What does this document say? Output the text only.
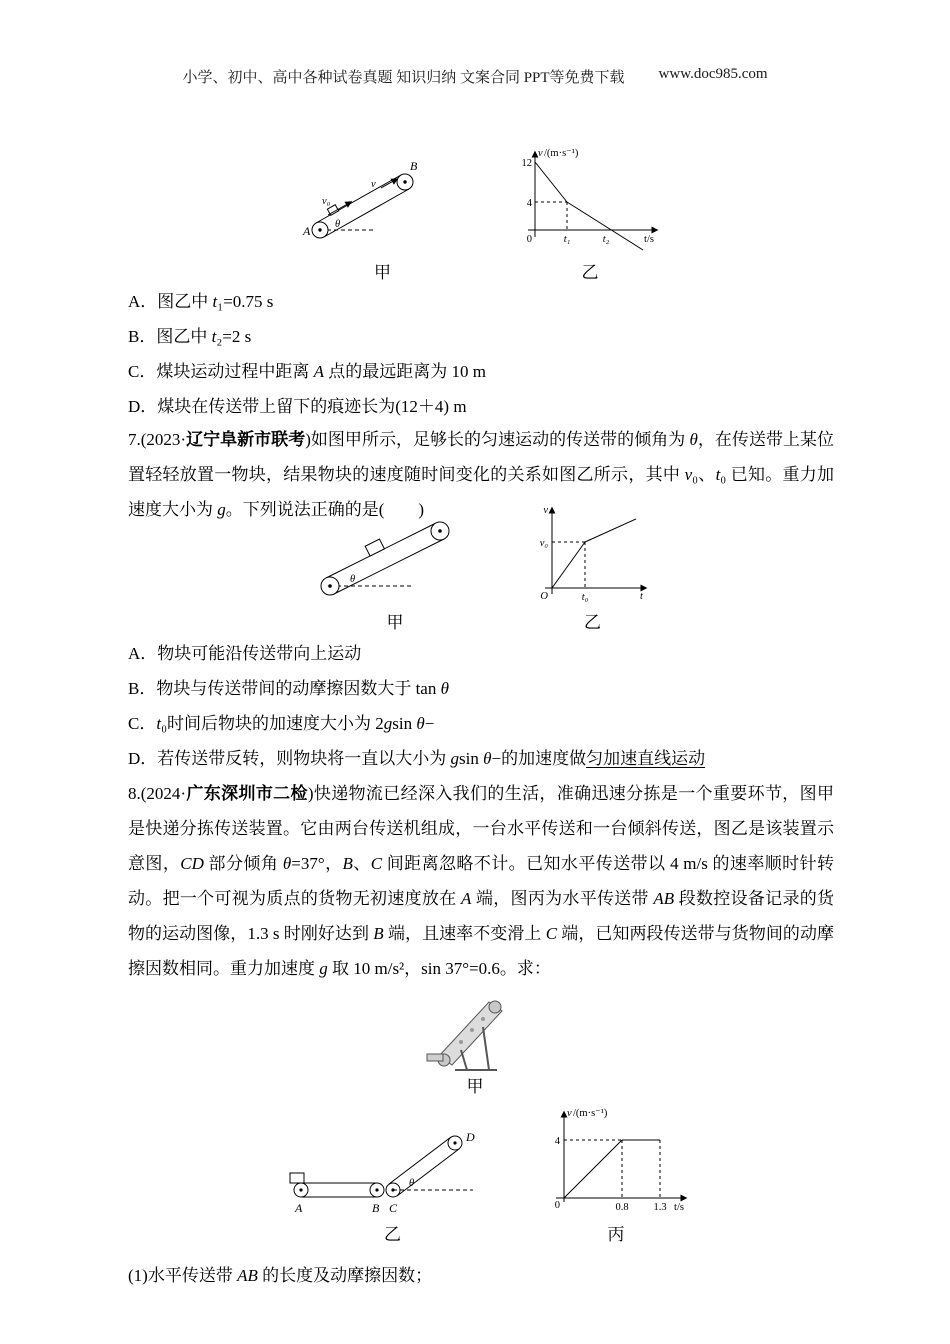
小学、初中、高中各种试卷真题 知识归纳 文案合同 PPT等免费下载 www.doc985.com
A
B
v₀
v
θ
甲
v /(m·s⁻¹)
12
4
0	t₁	t₂	t/s
乙
A．图乙中 t₁=0.75 s
B．图乙中 t₂=2 s
C．煤块运动过程中距离 A 点的最远距离为 10 m
D．煤块在传送带上留下的痕迹长为(12＋4) m
7.(2023·辽宁阜新市联考)如图甲所示，足够长的匀速运动的传送带的倾角为 θ，在传送带上某位置轻轻放置一物块，结果物块的速度随时间变化的关系如图乙所示，其中 v₀、t₀ 已知。重力加速度大小为 g。下列说法正确的是(　　)
θ
甲
v
v₀
O	t₀	t
乙
A．物块可能沿传送带向上运动
B．物块与传送带间的动摩擦因数大于 tan θ
C．t₀时间后物块的加速度大小为 2gsin θ−
D．若传送带反转，则物块将一直以大小为 gsin θ−的加速度做匀加速直线运动
8.(2024·广东深圳市二检)快递物流已经深入我们的生活，准确迅速分拣是一个重要环节，图甲是快递分拣传送装置。它由两台传送机组成，一台水平传送和一台倾斜传送，图乙是该装置示意图，CD 部分倾角 θ=37°，B、C 间距离忽略不计。已知水平传送带以 4 m/s 的速率顺时针转动。把一个可视为质点的货物无初速度放在 A 端，图丙为水平传送带 AB 段数控设备记录的货物的运动图像，1.3 s 时刚好达到 B 端，且速率不变滑上 C 端，已知两段传送带与货物间的动摩擦因数相同。重力加速度 g 取 10 m/s²，sin 37°=0.6。求：
甲
A	B C
D
θ
乙
v /(m·s⁻¹)
4
0	0.8 1.3 t/s
丙
(1)水平传送带 AB 的长度及动摩擦因数；
